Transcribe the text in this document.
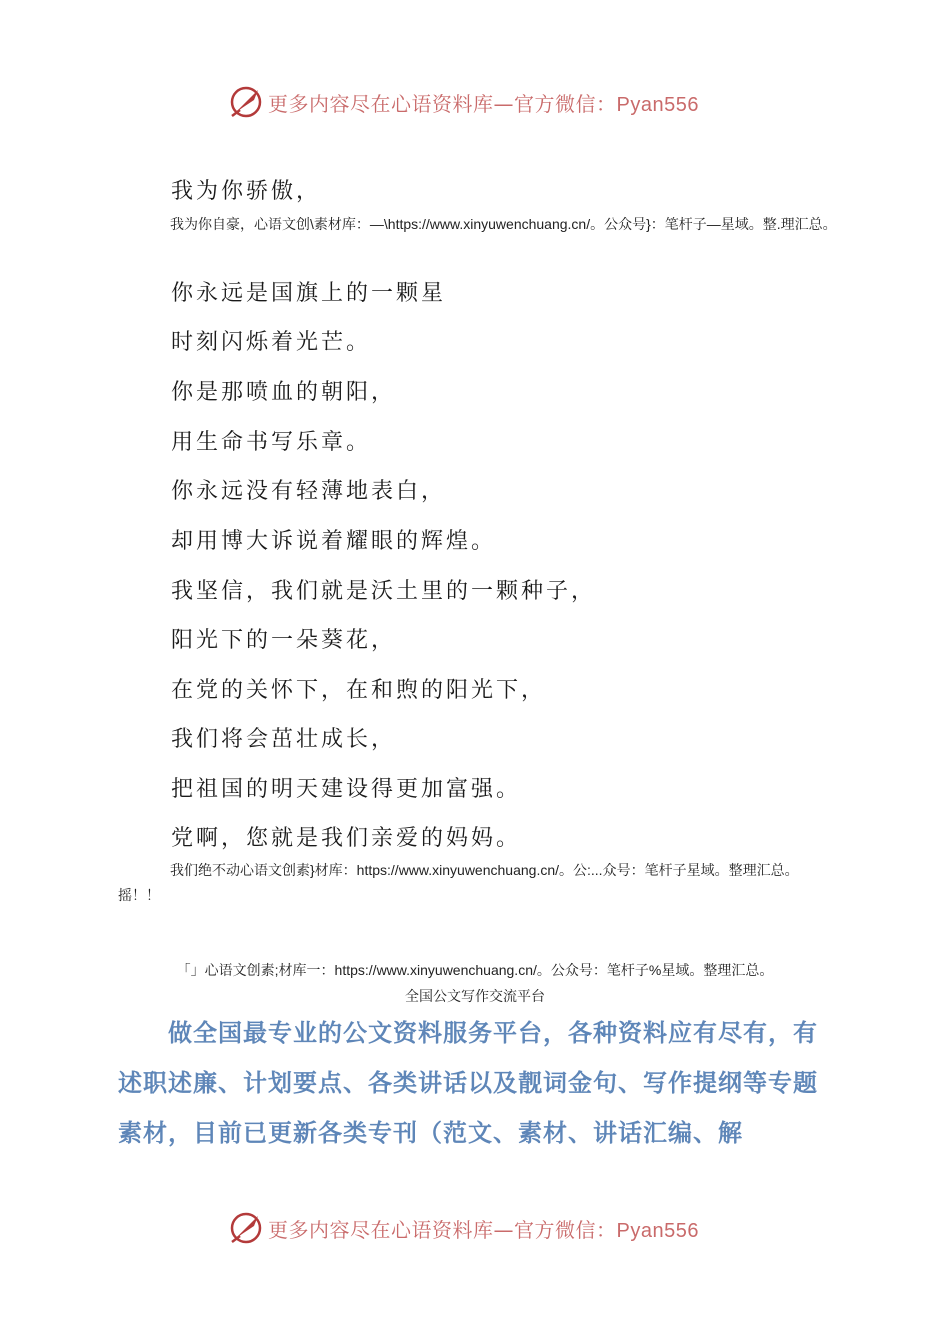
更多内容尽在心语资料库—官方微信：Pyan556

我为你骄傲，

我为你自豪，心语文创\素材库：—\https://www.xinyuwenchuang.cn/。公众号}：笔杆子—星域。整.理汇总。

你永远是国旗上的一颗星

时刻闪烁着光芒。

你是那喷血的朝阳，

用生命书写乐章。

你永远没有轻薄地表白，

却用博大诉说着耀眼的辉煌。

我坚信，我们就是沃土里的一颗种子，

阳光下的一朵葵花，

在党的关怀下，在和煦的阳光下，

我们将会茁壮成长，

把祖国的明天建设得更加富强。

党啊，您就是我们亲爱的妈妈。

我们绝不动心语文创素}材库：https://www.xinyuwenchuang.cn/。公:...众号：笔杆子星域。整理汇总。摇！！

「」心语文创素;材库一：https://www.xinyuwenchuang.cn/。公众号：笔杆子%星域。整理汇总。

全国公文写作交流平台

做全国最专业的公文资料服务平台，各种资料应有尽有，有述职述廉、计划要点、各类讲话以及靓词金句、写作提纲等专题素材，目前已更新各类专刊（范文、素材、讲话汇编、解

更多内容尽在心语资料库—官方微信：Pyan556
